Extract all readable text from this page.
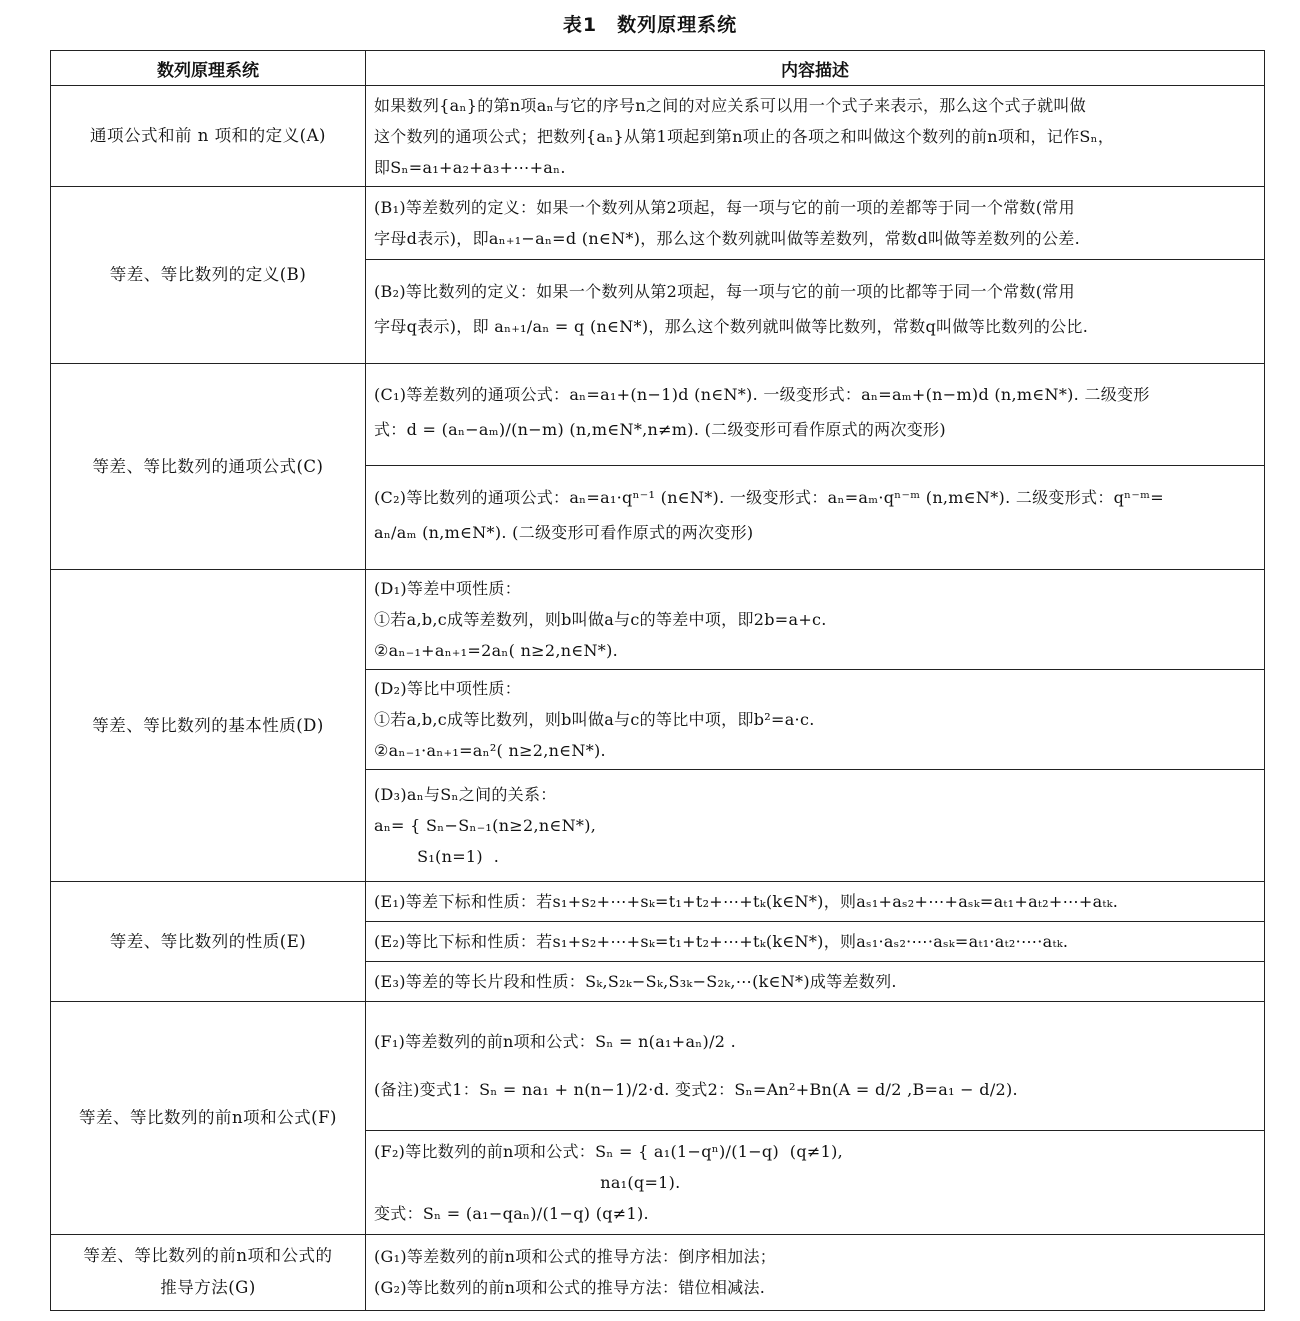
表1　数列原理系统
数列原理系统	内容描述

通项公式和前 n 项和的定义(A)	如果数列{aₙ}的第n项aₙ与它的序号n之间的对应关系可以用一个式子来表示，那么这个式子就叫做
这个数列的通项公式；把数列{aₙ}从第1项起到第n项止的各项之和叫做这个数列的前n项和，记作Sₙ，
即Sₙ=a₁+a₂+a₃+⋯+aₙ.

等差、等比数列的定义(B)	(B₁)等差数列的定义：如果一个数列从第2项起，每一项与它的前一项的差都等于同一个常数(常用
字母d表示)，即aₙ₊₁−aₙ=d (n∈N*)，那么这个数列就叫做等差数列，常数d叫做等差数列的公差.

	(B₂)等比数列的定义：如果一个数列从第2项起，每一项与它的前一项的比都等于同一个常数(常用
字母q表示)，即 aₙ₊₁/aₙ = q (n∈N*)，那么这个数列就叫做等比数列，常数q叫做等比数列的公比.

等差、等比数列的通项公式(C)	(C₁)等差数列的通项公式：aₙ=a₁+(n−1)d (n∈N*). 一级变形式：aₙ=aₘ+(n−m)d (n,m∈N*). 二级变形
式：d = (aₙ−aₘ)/(n−m) (n,m∈N*,n≠m). (二级变形可看作原式的两次变形)

	(C₂)等比数列的通项公式：aₙ=a₁·qⁿ⁻¹ (n∈N*). 一级变形式：aₙ=aₘ·qⁿ⁻ᵐ (n,m∈N*). 二级变形式：qⁿ⁻ᵐ=
aₙ/aₘ (n,m∈N*). (二级变形可看作原式的两次变形)

等差、等比数列的基本性质(D)	(D₁)等差中项性质：
①若a,b,c成等差数列，则b叫做a与c的等差中项，即2b=a+c.
②aₙ₋₁+aₙ₊₁=2aₙ( n≥2,n∈N*).

	(D₂)等比中项性质：
①若a,b,c成等比数列，则b叫做a与c的等比中项，即b²=a·c.
②aₙ₋₁·aₙ₊₁=aₙ²( n≥2,n∈N*).

	(D₃)aₙ与Sₙ之间的关系：
aₙ= { Sₙ−Sₙ₋₁(n≥2,n∈N*),
S₁(n=1)  .

等差、等比数列的性质(E)	(E₁)等差下标和性质：若s₁+s₂+⋯+sₖ=t₁+t₂+⋯+tₖ(k∈N*)，则aₛ₁+aₛ₂+⋯+aₛₖ=aₜ₁+aₜ₂+⋯+aₜₖ.

	(E₂)等比下标和性质：若s₁+s₂+⋯+sₖ=t₁+t₂+⋯+tₖ(k∈N*)，则aₛ₁·aₛ₂·⋯·aₛₖ=aₜ₁·aₜ₂·⋯·aₜₖ.

	(E₃)等差的等长片段和性质：Sₖ,S₂ₖ−Sₖ,S₃ₖ−S₂ₖ,⋯(k∈N*)成等差数列.

等差、等比数列的前n项和公式(F)	(F₁)等差数列的前n项和公式：Sₙ = n(a₁+aₙ)/2 .
(备注)变式1：Sₙ = na₁ + n(n−1)/2·d. 变式2：Sₙ=An²+Bn(A = d/2 ,B=a₁ − d/2).

	(F₂)等比数列的前n项和公式：Sₙ = { a₁(1−qⁿ)/(1−q)  (q≠1),
na₁(q=1).
变式：Sₙ = (a₁−qaₙ)/(1−q) (q≠1).

等差、等比数列的前n项和公式的
推导方法(G)	(G₁)等差数列的前n项和公式的推导方法：倒序相加法；
(G₂)等比数列的前n项和公式的推导方法：错位相减法.
